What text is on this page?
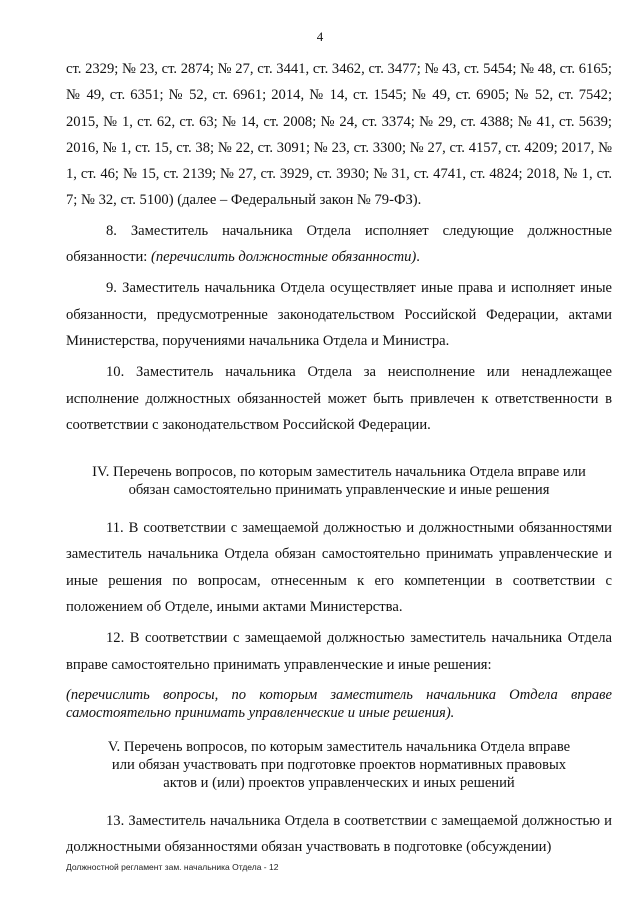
4

ст. 2329; № 23, ст. 2874; № 27, ст. 3441, ст. 3462, ст. 3477; № 43, ст. 5454; № 48, ст. 6165; № 49, ст. 6351; № 52, ст. 6961; 2014, № 14, ст. 1545; № 49, ст. 6905; № 52, ст. 7542; 2015, № 1, ст. 62, ст. 63; № 14, ст. 2008; № 24, ст. 3374; № 29, ст. 4388; № 41, ст. 5639; 2016, № 1, ст. 15, ст. 38; № 22, ст. 3091; № 23, ст. 3300; № 27, ст. 4157, ст. 4209; 2017, № 1, ст. 46; № 15, ст. 2139; № 27, ст. 3929, ст. 3930; № 31, ст. 4741, ст. 4824; 2018, № 1, ст. 7; № 32, ст. 5100) (далее – Федеральный закон № 79-ФЗ).

8. Заместитель начальника Отдела исполняет следующие должностные обязанности: (перечислить должностные обязанности).

9. Заместитель начальника Отдела осуществляет иные права и исполняет иные обязанности, предусмотренные законодательством Российской Федерации, актами Министерства, поручениями начальника Отдела и Министра.

10. Заместитель начальника Отдела за неисполнение или ненадлежащее исполнение должностных обязанностей может быть привлечен к ответственности в соответствии с законодательством Российской Федерации.

IV. Перечень вопросов, по которым заместитель начальника Отдела вправе или
обязан самостоятельно принимать управленческие и иные решения

11. В соответствии с замещаемой должностью и должностными обязанностями заместитель начальника Отдела обязан самостоятельно принимать управленческие и иные решения по вопросам, отнесенным к его компетенции в соответствии с положением об Отделе, иными актами Министерства.

12. В соответствии с замещаемой должностью заместитель начальника Отдела вправе самостоятельно принимать управленческие и иные решения:

(перечислить вопросы, по которым заместитель начальника Отдела вправе самостоятельно принимать управленческие и иные решения).

V. Перечень вопросов, по которым заместитель начальника Отдела вправе
или обязан участвовать при подготовке проектов нормативных правовых
актов и (или) проектов управленческих и иных решений

13. Заместитель начальника Отдела в соответствии с замещаемой должностью и должностными обязанностями обязан участвовать в подготовке (обсуждении)

Должностной регламент зам. начальника Отдела - 12
